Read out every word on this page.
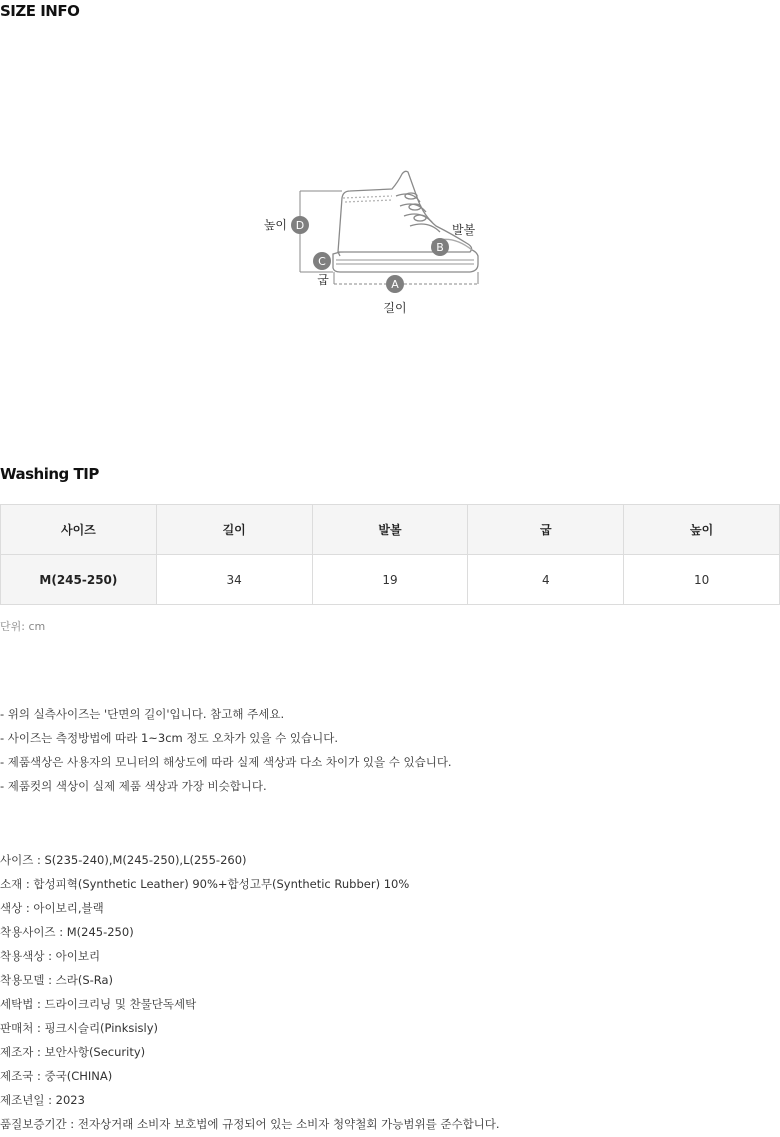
SIZE INFO
D
높이
C
굽
B
발볼
A
길이
Washing TIP
사이즈	길이	발볼	굽	높이
M(245-250)	34	19	4	10
단위: cm
- 위의 실측사이즈는 '단면의 길이'입니다. 참고해 주세요.
- 사이즈는 측정방법에 따라 1~3cm 정도 오차가 있을 수 있습니다.
- 제품색상은 사용자의 모니터의 해상도에 따라 실제 색상과 다소 차이가 있을 수 있습니다.
- 제품컷의 색상이 실제 제품 색상과 가장 비슷합니다.
사이즈 : S(235-240),M(245-250),L(255-260)
소재 : 합성피혁(Synthetic Leather) 90%+합성고무(Synthetic Rubber) 10%
색상 : 아이보리,블랙
착용사이즈 : M(245-250)
착용색상 : 아이보리
착용모델 : 스라(S-Ra)
세탁법 : 드라이크리닝 및 찬물단독세탁
판매처 : 핑크시슬리(Pinksisly)
제조자 : 보안사항(Security)
제조국 : 중국(CHINA)
제조년일 : 2023
품질보증기간 : 전자상거래 소비자 보호법에 규정되어 있는 소비자 청약철회 가능범위를 준수합니다.
